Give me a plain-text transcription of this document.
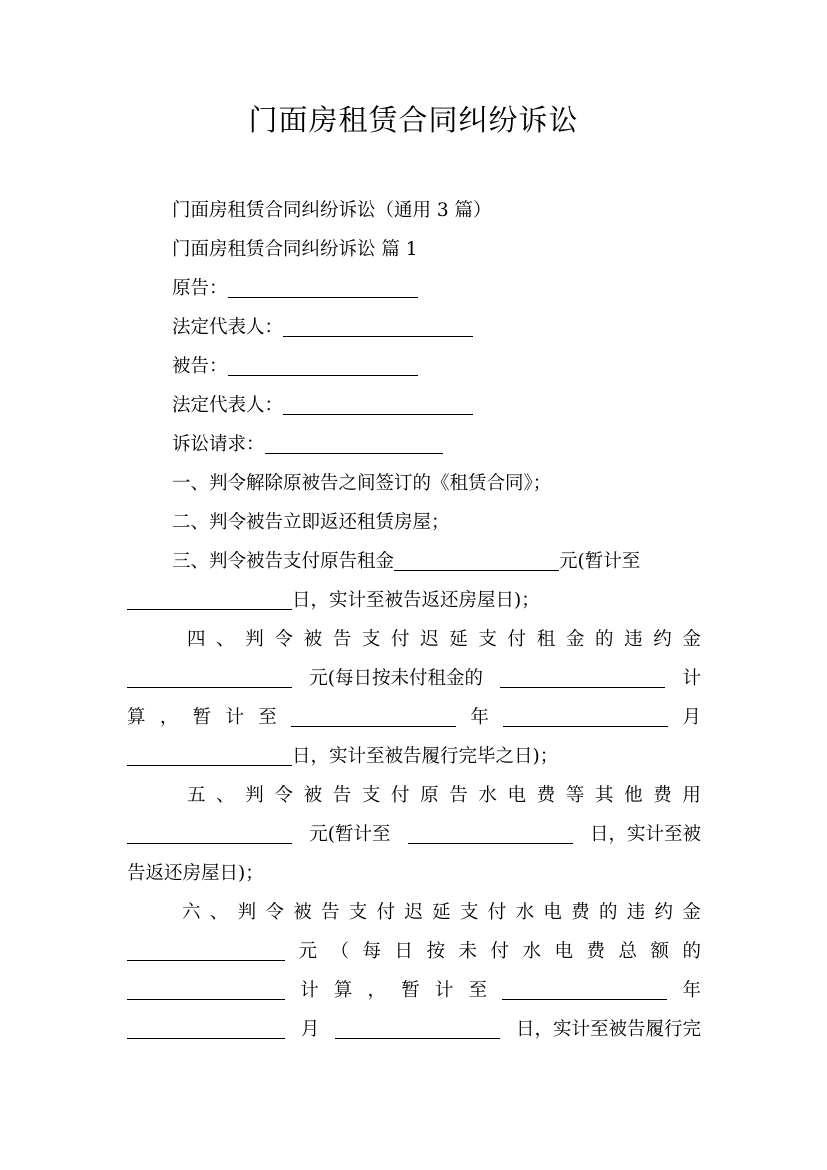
门面房租赁合同纠纷诉讼
门面房租赁合同纠纷诉讼（通用 3 篇）
门面房租赁合同纠纷诉讼 篇 1
原告：
法定代表人：
被告：
法定代表人：
诉讼请求：
一、判令解除原被告之间签订的《租赁合同》；
二、判令被告立即返还租赁房屋；
三、判令被告支付原告租金	元(暂计至
日，实计至被告返还房屋日)；
四 、 判 令 被 告 支 付 迟 延 支 付 租 金 的 违 约 金
元(每日按未付租金的	计
算 ， 暂 计 至	年	月
日，实计至被告履行完毕之日)；
五 、 判 令 被 告 支 付 原 告 水 电 费 等 其 他 费 用
元(暂计至	日，实计至被
告返还房屋日)；
六 、 判 令 被 告 支 付 迟 延 支 付 水 电 费 的 违 约 金
元 （ 每 日 按 未 付 水 电 费 总 额 的
计 算 ， 暂 计 至	年
月	日，实计至被告履行完
